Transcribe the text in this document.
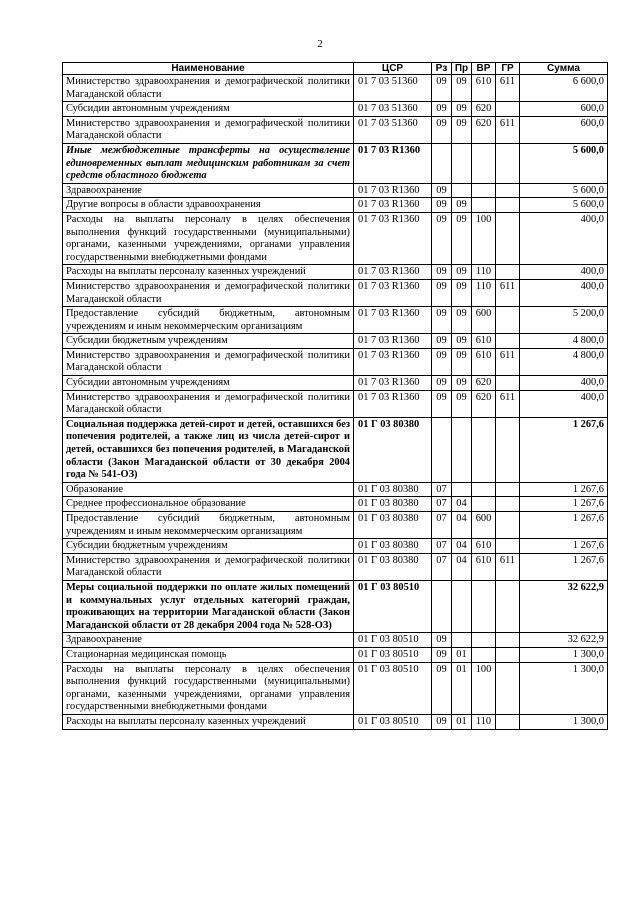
2
Наименование	ЦСР	Рз	Пр	ВР	ГР	Сумма
Министерство здравоохранения и демографической политики Магаданской области	01 7 03 51360	09	09	610	611	6 600,0
Субсидии автономным учреждениям	01 7 03 51360	09	09	620		600,0
Министерство здравоохранения и демографической политики Магаданской области	01 7 03 51360	09	09	620	611	600,0
Иные межбюджетные трансферты на осуществление единовременных выплат медицинским работникам за счет средств областного бюджета	01 7 03 R1360					5 600,0
Здравоохранение	01 7 03 R1360	09				5 600,0
Другие вопросы в области здравоохранения	01 7 03 R1360	09	09			5 600,0
Расходы на выплаты персоналу в целях обеспечения выполнения функций государственными (муниципальными) органами, казенными учреждениями, органами управления государственными внебюджетными фондами	01 7 03 R1360	09	09	100		400,0
Расходы на выплаты персоналу казенных учреждений	01 7 03 R1360	09	09	110		400,0
Министерство здравоохранения и демографической политики Магаданской области	01 7 03 R1360	09	09	110	611	400,0
Предоставление субсидий бюджетным, автономным учреждениям и иным некоммерческим организациям	01 7 03 R1360	09	09	600		5 200,0
Субсидии бюджетным учреждениям	01 7 03 R1360	09	09	610		4 800,0
Министерство здравоохранения и демографической политики Магаданской области	01 7 03 R1360	09	09	610	611	4 800,0
Субсидии автономным учреждениям	01 7 03 R1360	09	09	620		400,0
Министерство здравоохранения и демографической политики Магаданской области	01 7 03 R1360	09	09	620	611	400,0
Социальная поддержка детей-сирот и детей, оставшихся без попечения родителей, а также лиц из числа детей-сирот и детей, оставшихся без попечения родителей, в Магаданской области (Закон Магаданской области от 30 декабря 2004 года № 541-ОЗ)	01 Г 03 80380					1 267,6
Образование	01 Г 03 80380	07				1 267,6
Среднее профессиональное образование	01 Г 03 80380	07	04			1 267,6
Предоставление субсидий бюджетным, автономным учреждениям и иным некоммерческим организациям	01 Г 03 80380	07	04	600		1 267,6
Субсидии бюджетным учреждениям	01 Г 03 80380	07	04	610		1 267,6
Министерство здравоохранения и демографической политики Магаданской области	01 Г 03 80380	07	04	610	611	1 267,6
Меры социальной поддержки по оплате жилых помещений и коммунальных услуг отдельных категорий граждан, проживающих на территории Магаданской области (Закон Магаданской области от 28 декабря 2004 года № 528-ОЗ)	01 Г 03 80510					32 622,9
Здравоохранение	01 Г 03 80510	09				32 622,9
Стационарная медицинская помощь	01 Г 03 80510	09	01			1 300,0
Расходы на выплаты персоналу в целях обеспечения выполнения функций государственными (муниципальными) органами, казенными учреждениями, органами управления государственными внебюджетными фондами	01 Г 03 80510	09	01	100		1 300,0
Расходы на выплаты персоналу казенных учреждений	01 Г 03 80510	09	01	110		1 300,0
